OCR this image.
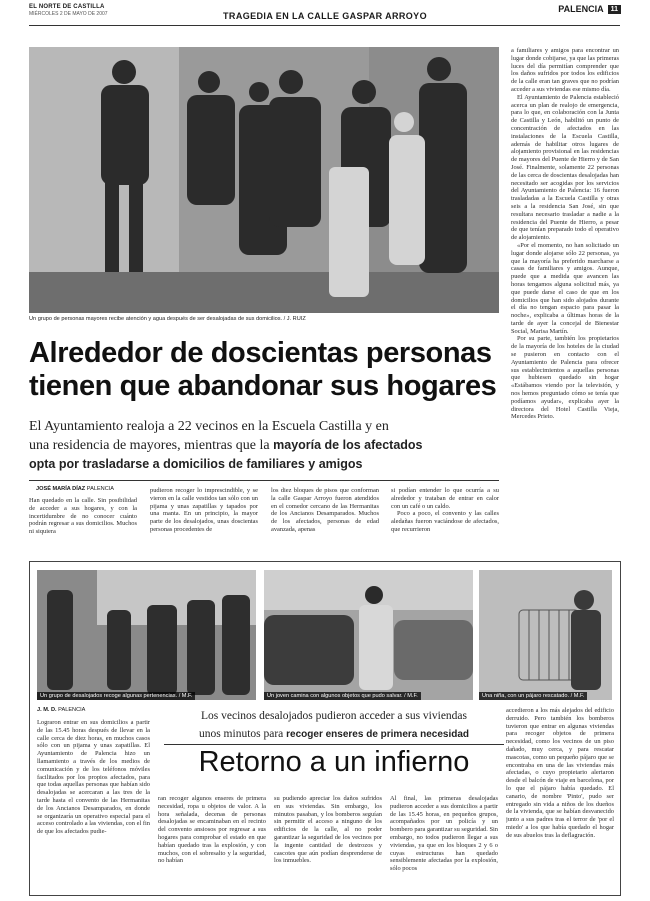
EL NORTE DE CASTILLA
MIÉRCOLES 2 DE MAYO DE 2007	TRAGEDIA EN LA CALLE GASPAR ARROYO
PALENCIA	11
Un grupo de personas mayores recibe atención y agua después de ser desalojadas de sus domicilios. / J. RUIZ
Alrededor de doscientas personas
tienen que abandonar sus hogares
El Ayuntamiento realoja a 22 vecinos en la Escuela Castilla y en
una residencia de mayores, mientras que la mayoría de los afectados
opta por trasladarse a domicilios de familiares y amigos
JOSÉ MARÍA DÍAZ PALENCIA

Han quedado en la calle. Sin posibilidad de acceder a sus hogares, y con la incertidumbre de no conocer cuánto podrán regresar a sus domicilios. Muchos ni siquiera

pudieron recoger lo imprescindible, y se vieron en la calle vestidos tan sólo con un pijama y unas zapatillas y tapados por una manta. En un principio, la mayor parte de los desalojados, unas doscientas personas procedentes de

los diez bloques de pisos que conforman la calle Gaspar Arroyo fueron atendidos en el comedor cercano de las Hermanitas de los Ancianos Desamparados. Muchos de los afectados, personas de edad avanzada, apenas

si podían entender lo que ocurría a su alrededor y trataban de entrar en calor con un café o un caldo.

Poco a poco, el convento y las calles aledañas fueron vaciándose de afectados, que recurrieron

a familiares y amigos para encontrar un lugar donde cobijarse, ya que las primeras luces del día permitían comprender que los daños sufridos por todos los edificios de la calle eran tan graves que no podrían acceder a sus viviendas ese mismo día.

El Ayuntamiento de Palencia estableció acerca un plan de realojo de emergencia, para lo que, en colaboración con la Junta de Castilla y León, habilitó un punto de concentración de afectados en las instalaciones de la Escuela Castilla, además de habilitar otros lugares de alojamiento provisional en las residencias de mayores del Puente de Hierro y de San José. Finalmente, solamente 22 personas de las cerca de doscientas desalojadas han necesitado ser acogidas por los servicios del Ayuntamiento de Palencia: 16 fueron trasladadas a la Escuela Castilla y otras seis a la residencia San José, sin que resultara necesario trasladar a nadie a la residencia del Puente de Hierro, a pesar de que tenían preparado todo el operativo de alojamiento.

«Por el momento, no han solicitado un lugar donde alojarse sólo 22 personas, ya que la mayoría ha preferido marcharse a casas de familiares y amigos. Aunque, puede que a medida que avancen las horas tengamos alguna solicitud más, ya que puede darse el caso de que en los domicilios que han sido alojados durante el día no tengan espacio para pasar la noche», explicaba a últimas horas de la tarde de ayer la concejal de Bienestar Social, Marisa Martín.

Por su parte, también los propietarios de la mayoría de los hoteles de la ciudad se pusieron en contacto con el Ayuntamiento de Palencia para ofrecer sus establecimientos a aquellas personas que hubiesen quedado sin hogar «Estábamos viendo por la televisión, y nos hemos preguntado cómo se tenía que podíamos ayudar», explicaba ayer la directora del Hotel Castilla Vieja, Mercedes Prieto.

Un grupo de desalojados recoge algunas pertenencias. / M.F.	Un joven camina con algunos objetos que pudo salvar. / M.F.	Una niña, con un pájaro rescatado. / M.F.
J. M. D. PALENCIA	Los vecinos desalojados pudieron acceder a sus viviendas
unos minutos para recoger enseres de primera necesidad
Retorno a un infierno

Lograron entrar en sus domicilios a partir de las 15.45 horas después de llevar en la calle cerca de diez horas, en muchos casos sólo con un pijama y unas zapatillas. El Ayuntamiento de Palencia hizo un llamamiento a través de los medios de comunicación y de los teléfonos móviles facilitados por los propios afectados, para que todas aquellas personas que habían sido desalojadas se acercaran a las tres de la tarde hasta el convento de las Hermanitas de los Ancianos Desamparados, en donde se organizaría un operativo especial para el acceso controlado a las viviendas, con el fin de que los afectados pudie-

ran recoger algunos enseres de primera necesidad, ropa u objetos de valor. A la hora señalada, decenas de personas desalojadas se encaminaban en el recinto del convento ansiosos por regresar a sus hogares para comprobar el estado en que habían quedado tras la explosión, y con muchos, con el sobresalto y la seguridad, no habían

su pudiendo apreciar los daños sufridos en sus viviendas. Sin embargo, los minutos pasaban, y los bomberos seguían sin permitir el acceso a ninguno de los edificios de la calle, al no poder garantizar la seguridad de los vecinos por la ingente cantidad de destrozos y cascotes que aún podían desprenderse de los inmuebles.

Al final, las primeras desalojadas pudieron acceder a sus domicilios a partir de las 15.45 horas, en pequeños grupos, acompañados por un policía y un bombero para garantizar su seguridad. Sin embargo, no todos pudieron llegar a sus viviendas, ya que en los bloques 2 y 6 o cuyas estructuras han quedado sensiblemente afectadas por la explosión, sólo pocos

accedieron a los más alejados del edificio derruido. Pero también los bomberos tuvieron que entrar en algunas viviendas para recoger objetos de primera necesidad, como los vecinos de un piso dañado, muy cerca, y para rescatar mascotas, como un pequeño pájaro que se encontraba en una de las viviendas más afectadas, o cuyo propietario alertaron desde el balcón de viaje en barcelona, por lo que el pájaro había quedado. El canario, de nombre 'Pinto', pudo ser entregado sin vida a niños de los dueños de la vivienda, que se habían desvanecido junto a sus padres tras el terror de 'por el miedo' a los que había quedado el hogar de sus abuelos tras la deflagración.
